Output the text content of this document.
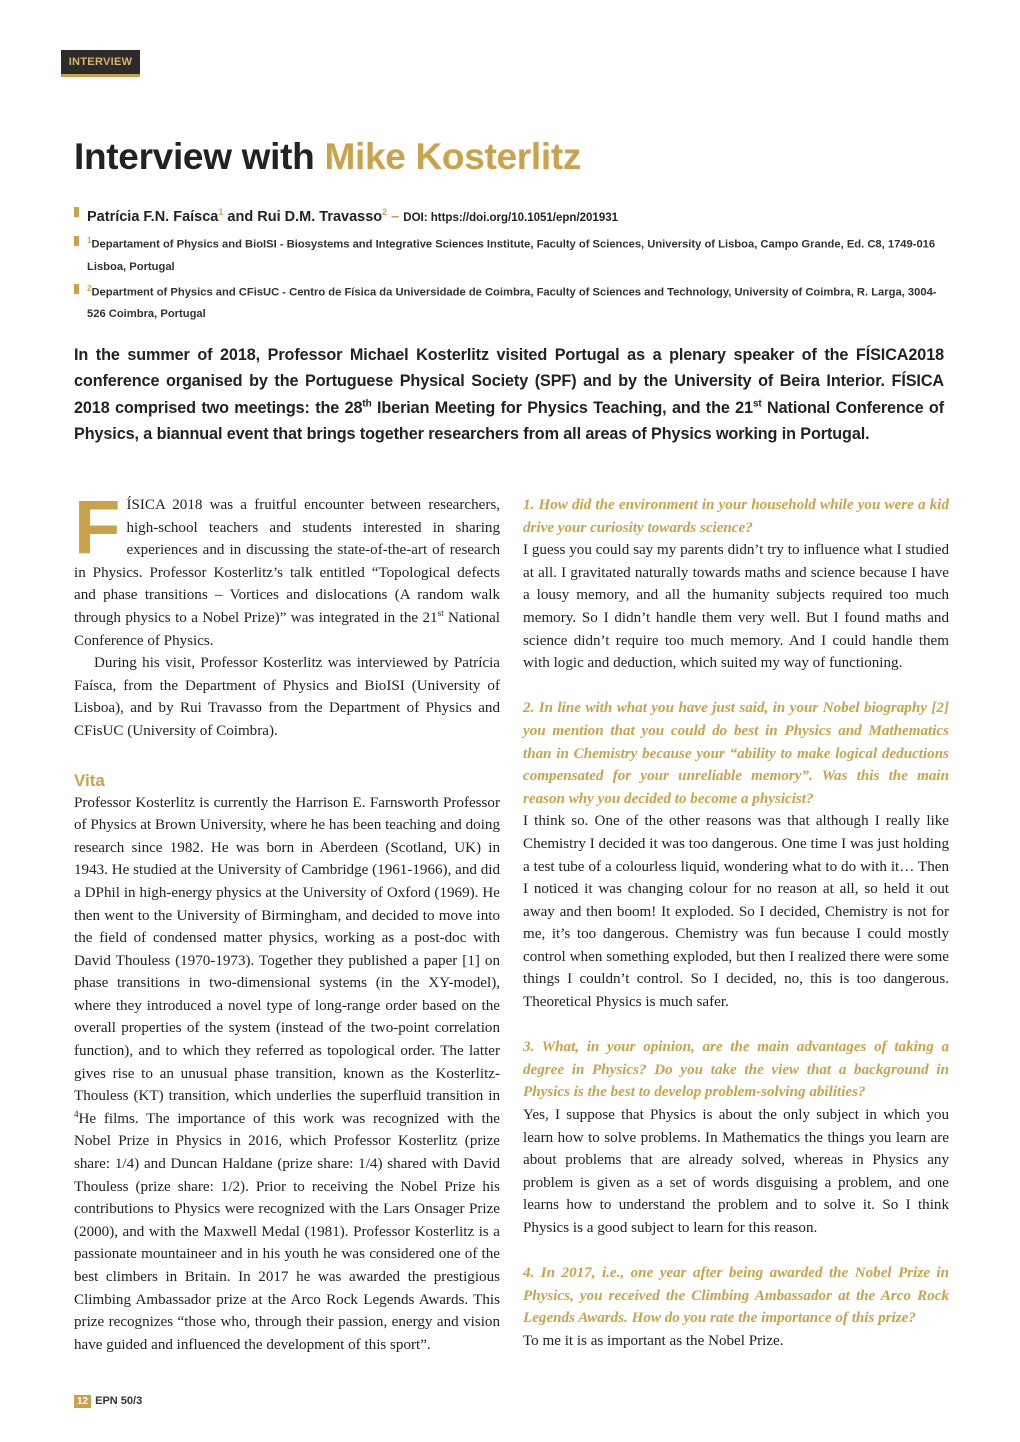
INTERVIEW
Interview with Mike Kosterlitz
Patrícia F.N. Faísca$^1$ and Rui D.M. Travasso$^2$ – DOI: https://doi.org/10.1051/epn/201931
$^1$Departament of Physics and BioISI - Biosystems and Integrative Sciences Institute, Faculty of Sciences, University of Lisboa, Campo Grande, Ed. C8, 1749-016 Lisboa, Portugal
$^2$Department of Physics and CFisUC - Centro de Física da Universidade de Coimbra, Faculty of Sciences and Technology, University of Coimbra, R. Larga, 3004-526 Coimbra, Portugal

In the summer of 2018, Professor Michael Kosterlitz visited Portugal as a plenary speaker of the FÍSICA2018 conference organised by the Portuguese Physical Society (SPF) and by the University of Beira Interior. FÍSICA 2018 comprised two meetings: the 28th Iberian Meeting for Physics Teaching, and the 21st National Conference of Physics, a biannual event that brings together researchers from all areas of Physics working in Portugal.

FÍSICA 2018 was a fruitful encounter between researchers, high-school teachers and students interested in sharing experiences and in discussing the state-of-the-art of research in Physics. Professor Kosterlitz’s talk entitled “Topological defects and phase transitions – Vortices and dislocations (A random walk through physics to a Nobel Prize)” was integrated in the 21st National Conference of Physics.

During his visit, Professor Kosterlitz was interviewed by Patrícia Faísca, from the Department of Physics and BioISI (University of Lisboa), and by Rui Travasso from the Department of Physics and CFisUC (University of Coimbra).

Vita

Professor Kosterlitz is currently the Harrison E. Farnsworth Professor of Physics at Brown University, where he has been teaching and doing research since 1982. He was born in Aberdeen (Scotland, UK) in 1943. He studied at the University of Cambridge (1961-1966), and did a DPhil in high-energy physics at the University of Oxford (1969). He then went to the University of Birmingham, and decided to move into the field of condensed matter physics, working as a post-doc with David Thouless (1970-1973). Together they published a paper [1] on phase transitions in two-dimensional systems (in the XY-model), where they introduced a novel type of long-range order based on the overall properties of the system (instead of the two-point correlation function), and to which they referred as topological order. The latter gives rise to an unusual phase transition, known as the Kosterlitz-Thouless (KT) transition, which underlies the superfluid transition in $^4$He films. The importance of this work was recognized with the Nobel Prize in Physics in 2016, which Professor Kosterlitz (prize share: 1/4) and Duncan Haldane (prize share: 1/4) shared with David Thouless (prize share: 1/2). Prior to receiving the Nobel Prize his contributions to Physics were recognized with the Lars Onsager Prize (2000), and with the Maxwell Medal (1981). Professor Kosterlitz is a passionate mountaineer and in his youth he was considered one of the best climbers in Britain. In 2017 he was awarded the prestigious Climbing Ambassador prize at the Arco Rock Legends Awards. This prize recognizes “those who, through their passion, energy and vision have guided and influenced the development of this sport”.

1. How did the environment in your household while you were a kid drive your curiosity towards science?

I guess you could say my parents didn’t try to influence what I studied at all. I gravitated naturally towards maths and science because I have a lousy memory, and all the humanity subjects required too much memory. So I didn’t handle them very well. But I found maths and science didn’t require too much memory. And I could handle them with logic and deduction, which suited my way of functioning.

2. In line with what you have just said, in your Nobel biography [2] you mention that you could do best in Physics and Mathematics than in Chemistry because your “ability to make logical deductions compensated for your unreliable memory”. Was this the main reason why you decided to become a physicist?

I think so. One of the other reasons was that although I really like Chemistry I decided it was too dangerous. One time I was just holding a test tube of a colourless liquid, wondering what to do with it… Then I noticed it was changing colour for no reason at all, so held it out away and then boom! It exploded. So I decided, Chemistry is not for me, it’s too dangerous. Chemistry was fun because I could mostly control when something exploded, but then I realized there were some things I couldn’t control. So I decided, no, this is too dangerous. Theoretical Physics is much safer.

3. What, in your opinion, are the main advantages of taking a degree in Physics? Do you take the view that a background in Physics is the best to develop problem-solving abilities?

Yes, I suppose that Physics is about the only subject in which you learn how to solve problems. In Mathematics the things you learn are about problems that are already solved, whereas in Physics any problem is given as a set of words disguising a problem, and one learns how to understand the problem and to solve it. So I think Physics is a good subject to learn for this reason.

4. In 2017, i.e., one year after being awarded the Nobel Prize in Physics, you received the Climbing Ambassador at the Arco Rock Legends Awards. How do you rate the importance of this prize?

To me it is as important as the Nobel Prize.

12 EPN 50/3
